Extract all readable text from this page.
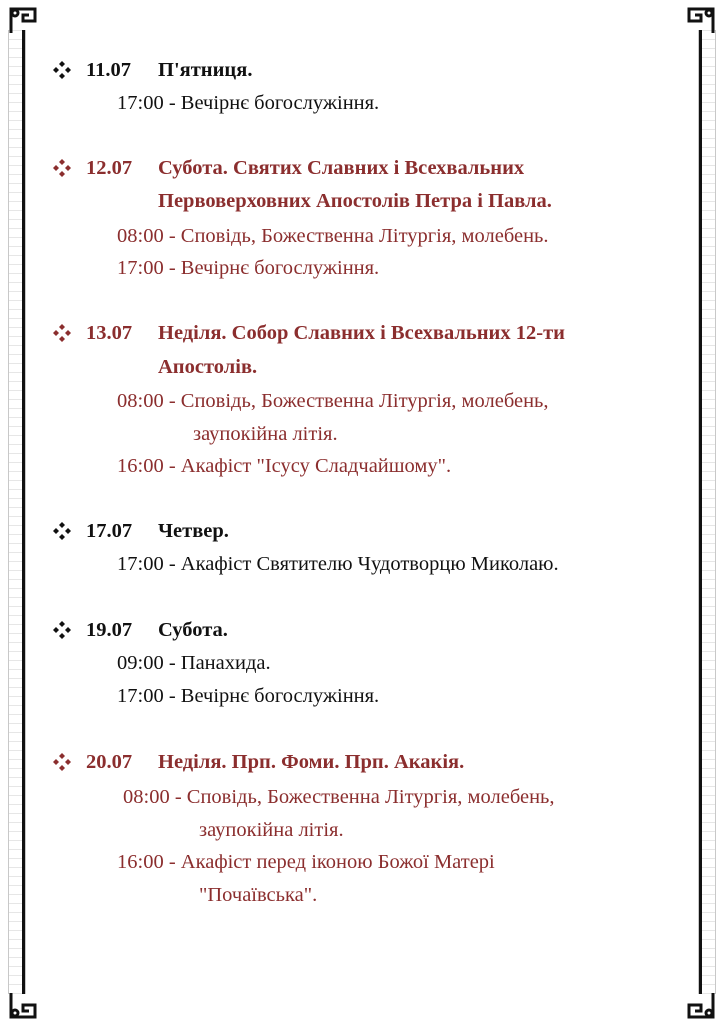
11.07 П'ятниця.
17:00 - Вечірнє богослужіння.
12.07 Субота. Святих Славних і Всехвальних
Первоверховних Апостолів Петра і Павла.
08:00 - Сповідь, Божественна Літургія, молебень.
17:00 - Вечірнє богослужіння.
13.07 Неділя. Собор Славних і Всехвальних 12-ти
Апостолів.
08:00 - Сповідь, Божественна Літургія, молебень,
заупокійна літія.
16:00 - Акафіст "Ісусу Сладчайшому".
17.07 Четвер.
17:00 - Акафіст Святителю Чудотворцю Миколаю.
19.07 Субота.
09:00 - Панахида.
17:00 - Вечірнє богослужіння.
20.07 Неділя. Прп. Фоми. Прп. Акакія.
08:00 - Сповідь, Божественна Літургія, молебень,
заупокійна літія.
16:00 - Акафіст перед іконою Божої Матері
"Почаївська".
